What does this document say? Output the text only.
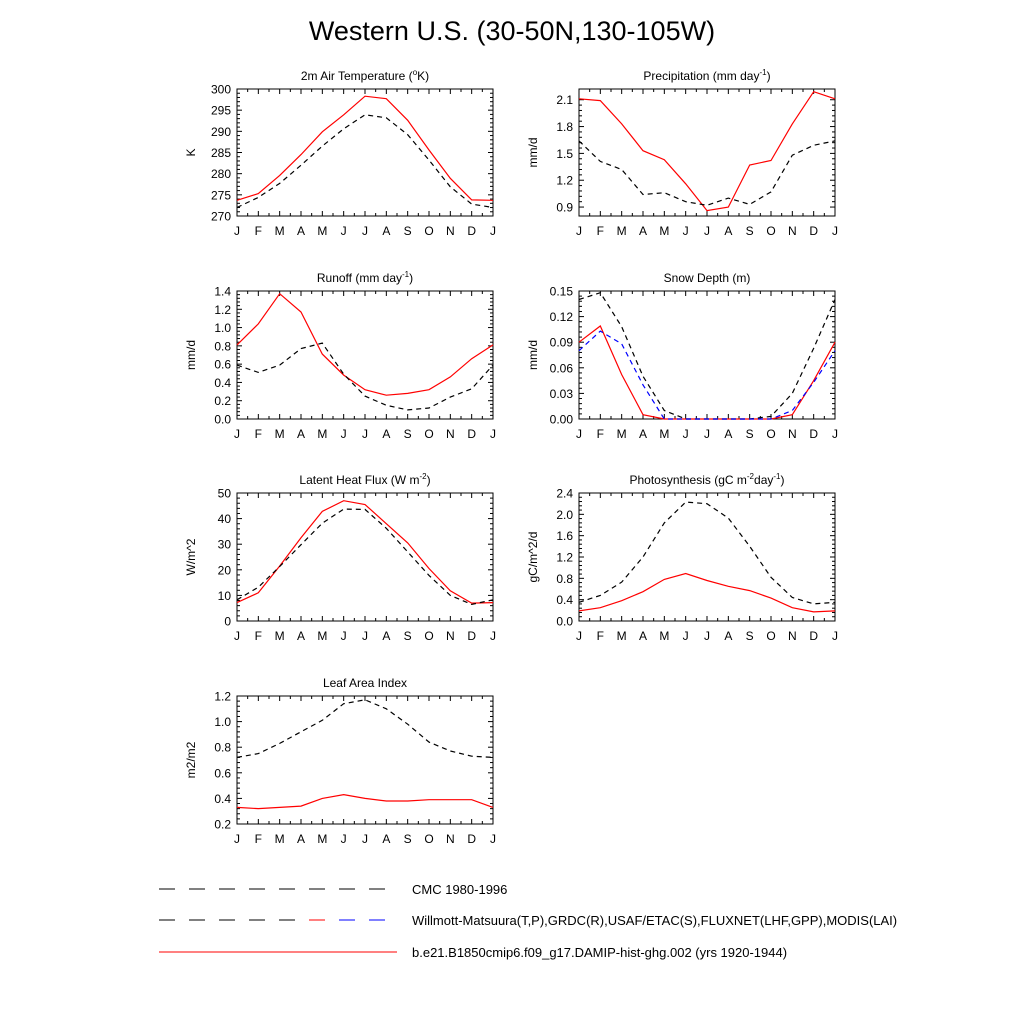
Western U.S. (30-50N,130-105W)
J F M A M J J A S O N D J
270
275
280
285
290
295
300
K
2m Air Temperature ($^o$K)
J F M A M J J A S O N D J
0.9
1.2
1.5
1.8
2.1
mm/d
Precipitation (mm day$^{-1}$)
J F M A M J J A S O N D J
0.0
0.2
0.4
0.6
0.8
1.0
1.2
1.4
mm/d
Runoff (mm day$^{-1}$)
J F M A M J J A S O N D J
0.00
0.03
0.06
0.09
0.12
0.15
mm/d
Snow Depth (m)
J F M A M J J A S O N D J
0
10
20
30
40
50
W/m^2
Latent Heat Flux (W $m^{-2}$)
J F M A M J J A S O N D J
0.0
0.4
0.8
1.2
1.6
2.0
2.4
gC/m^2/d
Photosynthesis (gC $m^{-2}day^{-1}$)
J F M A M J J A S O N D J
0.2
0.4
0.6
0.8
1.0
1.2
m2/m2
Leaf Area Index
CMC 1980-1996
Willmott-Matsuura(T,P),GRDC(R),USAF/ETAC(S),FLUXNET(LHF,GPP),MODIS(LAI)
b.e21.B1850cmip6.f09_g17.DAMIP-hist-ghg.002 (yrs 1920-1944)
